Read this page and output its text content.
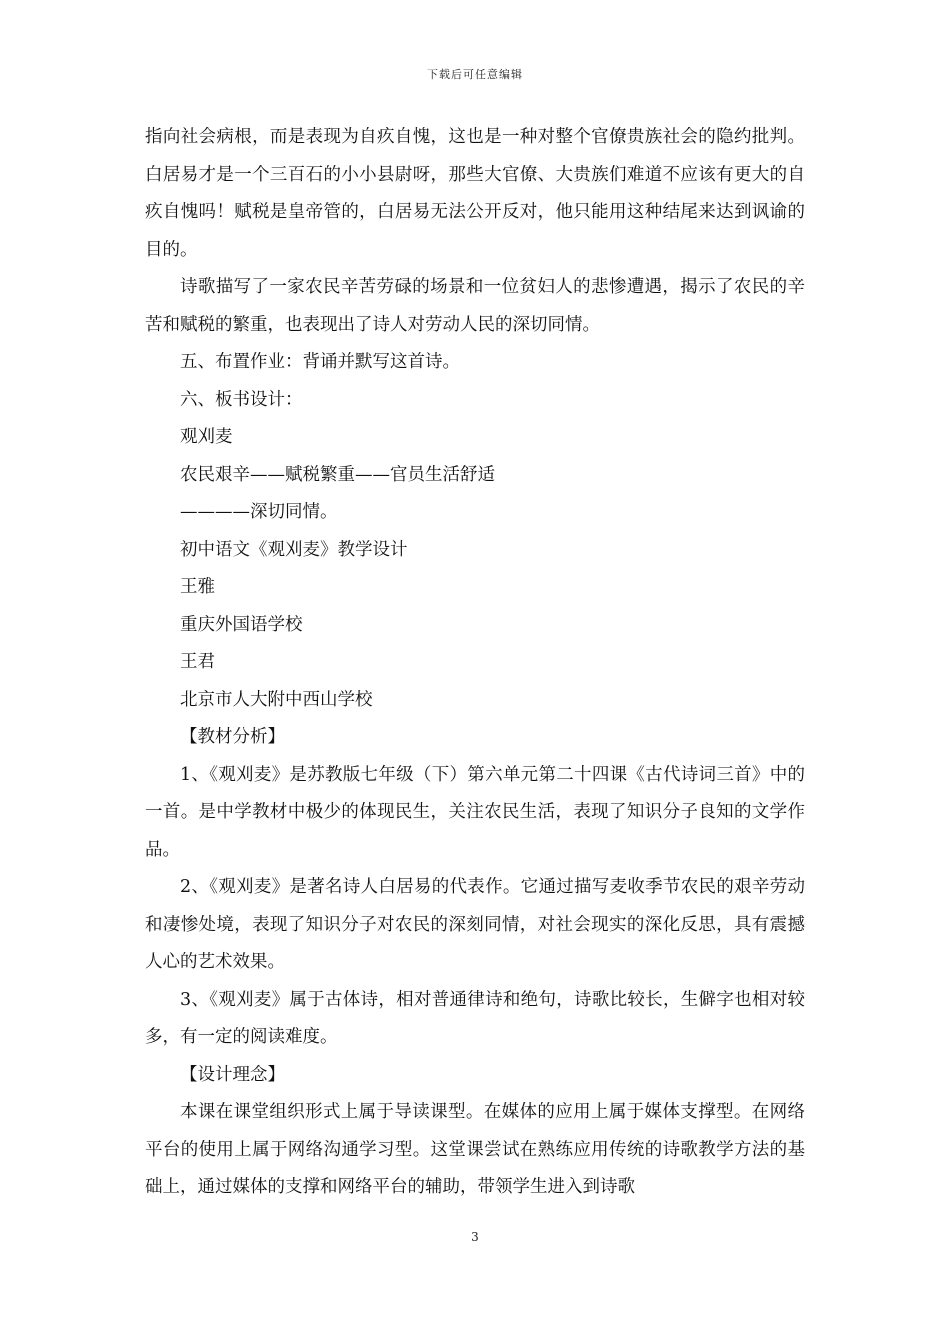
下载后可任意编辑

指向社会病根，而是表现为自疚自愧，这也是一种对整个官僚贵族社会的隐约批判。白居易才是一个三百石的小小县尉呀，那些大官僚、大贵族们难道不应该有更大的自疚自愧吗！赋税是皇帝管的，白居易无法公开反对，他只能用这种结尾来达到讽谕的目的。

诗歌描写了一家农民辛苦劳碌的场景和一位贫妇人的悲惨遭遇，揭示了农民的辛苦和赋税的繁重，也表现出了诗人对劳动人民的深切同情。

五、布置作业：背诵并默写这首诗。

六、板书设计：

观刈麦

农民艰辛——赋税繁重——官员生活舒适

————深切同情。

初中语文《观刈麦》教学设计

王雅

重庆外国语学校

王君

北京市人大附中西山学校

【教材分析】

1、《观刈麦》是苏教版七年级（下）第六单元第二十四课《古代诗词三首》中的一首。是中学教材中极少的体现民生，关注农民生活，表现了知识分子良知的文学作品。

2、《观刈麦》是著名诗人白居易的代表作。它通过描写麦收季节农民的艰辛劳动和凄惨处境，表现了知识分子对农民的深刻同情，对社会现实的深化反思，具有震撼人心的艺术效果。

3、《观刈麦》属于古体诗，相对普通律诗和绝句，诗歌比较长，生僻字也相对较多，有一定的阅读难度。

【设计理念】

本课在课堂组织形式上属于导读课型。在媒体的应用上属于媒体支撑型。在网络平台的使用上属于网络沟通学习型。这堂课尝试在熟练应用传统的诗歌教学方法的基础上，通过媒体的支撑和网络平台的辅助，带领学生进入到诗歌

3
